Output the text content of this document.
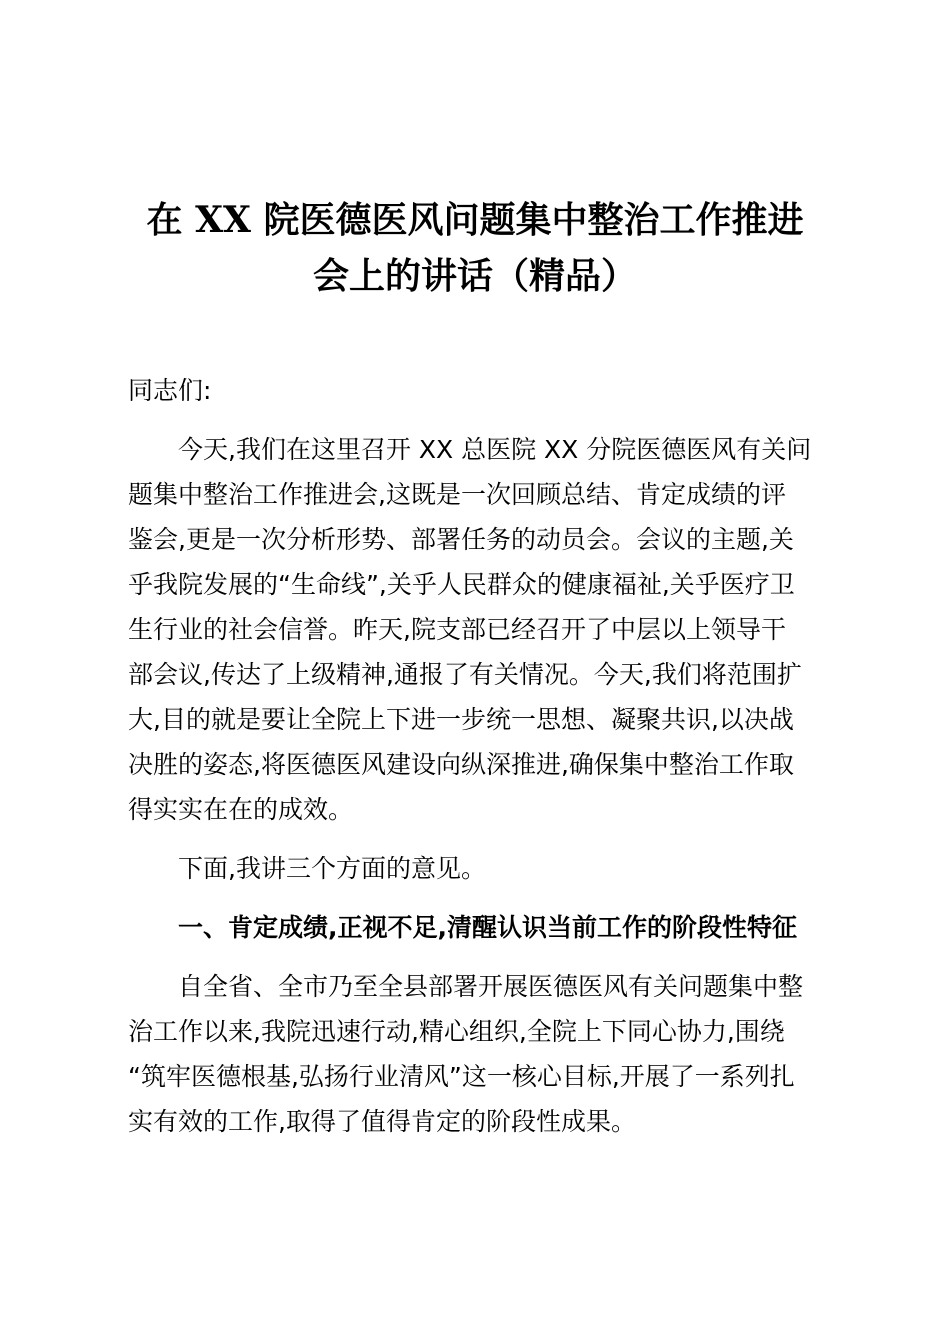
在 XX 院医德医风问题集中整治工作推进
会上的讲话（精品）
同志们:
今天,我们在这里召开 XX 总医院 XX 分院医德医风有关问
题集中整治工作推进会,这既是一次回顾总结、肯定成绩的评
鉴会,更是一次分析形势、部署任务的动员会。会议的主题,关
乎我院发展的“生命线”,关乎人民群众的健康福祉,关乎医疗卫
生行业的社会信誉。昨天,院支部已经召开了中层以上领导干
部会议,传达了上级精神,通报了有关情况。今天,我们将范围扩
大,目的就是要让全院上下进一步统一思想、凝聚共识,以决战
决胜的姿态,将医德医风建设向纵深推进,确保集中整治工作取
得实实在在的成效。
下面,我讲三个方面的意见。
一、肯定成绩,正视不足,清醒认识当前工作的阶段性特征
自全省、全市乃至全县部署开展医德医风有关问题集中整
治工作以来,我院迅速行动,精心组织,全院上下同心协力,围绕
“筑牢医德根基,弘扬行业清风”这一核心目标,开展了一系列扎
实有效的工作,取得了值得肯定的阶段性成果。
